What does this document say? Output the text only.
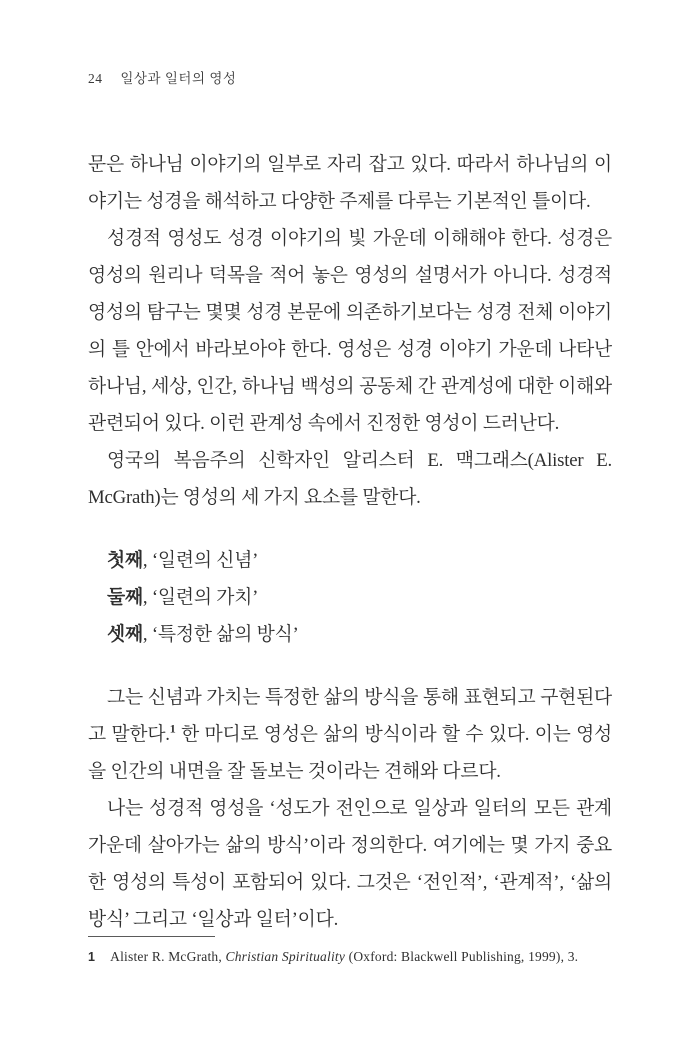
24 일상과 일터의 영성

문은 하나님 이야기의 일부로 자리 잡고 있다. 따라서 하나님의 이야기는 성경을 해석하고 다양한 주제를 다루는 기본적인 틀이다.

성경적 영성도 성경 이야기의 빛 가운데 이해해야 한다. 성경은 영성의 원리나 덕목을 적어 놓은 영성의 설명서가 아니다. 성경적 영성의 탐구는 몇몇 성경 본문에 의존하기보다는 성경 전체 이야기의 틀 안에서 바라보아야 한다. 영성은 성경 이야기 가운데 나타난 하나님, 세상, 인간, 하나님 백성의 공동체 간 관계성에 대한 이해와 관련되어 있다. 이런 관계성 속에서 진정한 영성이 드러난다.

영국의 복음주의 신학자인 알리스터 E. 맥그래스(Alister E. McGrath)는 영성의 세 가지 요소를 말한다.

첫째, ‘일련의 신념’

둘째, ‘일련의 가치’

셋째, ‘특정한 삶의 방식’

그는 신념과 가치는 특정한 삶의 방식을 통해 표현되고 구현된다고 말한다.$^1$ 한 마디로 영성은 삶의 방식이라 할 수 있다. 이는 영성을 인간의 내면을 잘 돌보는 것이라는 견해와 다르다.

나는 성경적 영성을 ‘성도가 전인으로 일상과 일터의 모든 관계 가운데 살아가는 삶의 방식’이라 정의한다. 여기에는 몇 가지 중요한 영성의 특성이 포함되어 있다. 그것은 ‘전인적’, ‘관계적’, ‘삶의 방식’ 그리고 ‘일상과 일터’이다.

1 Alister R. McGrath, Christian Spirituality (Oxford: Blackwell Publishing, 1999), 3.
